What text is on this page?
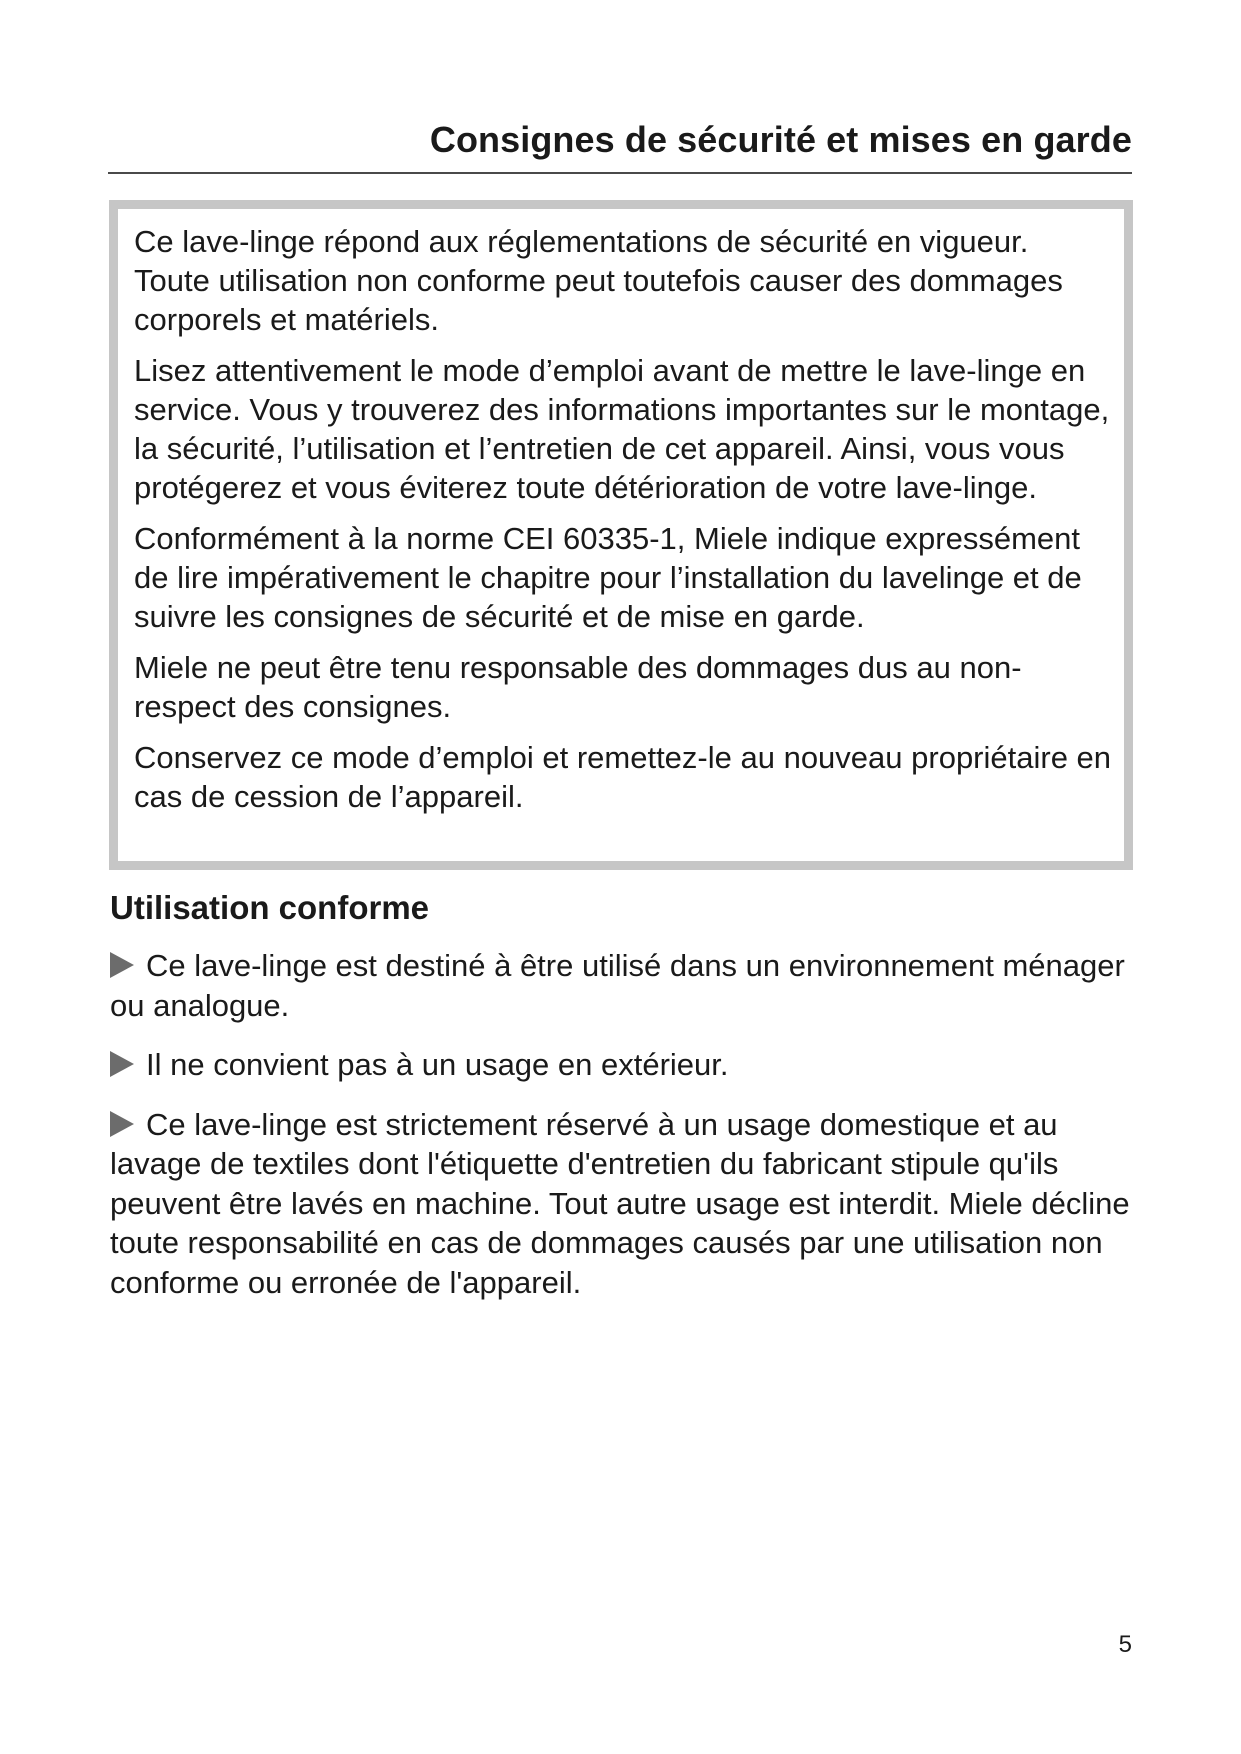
Consignes de sécurité et mises en garde

Ce lave-linge répond aux réglementations de sécurité en vigueur. Toute utilisation non conforme peut toutefois causer des dommages corporels et matériels.

Lisez attentivement le mode d’emploi avant de mettre le lave-linge en service. Vous y trouverez des informations importantes sur le montage, la sécurité, l’utilisation et l’entretien de cet appareil. Ainsi, vous vous protégerez et vous éviterez toute détérioration de votre lave-linge.

Conformément à la norme CEI 60335-1, Miele indique expressément de lire impérativement le chapitre pour l’installation du lavelinge et de suivre les consignes de sécurité et de mise en garde.

Miele ne peut être tenu responsable des dommages dus au nonrespect des consignes.

Conservez ce mode d’emploi et remettez-le au nouveau propriétaire en cas de cession de l’appareil.

Utilisation conforme
Ce lave-linge est destiné à être utilisé dans un environnement ménager ou analogue.
Il ne convient pas à un usage en extérieur.
Ce lave-linge est strictement réservé à un usage domestique et au lavage de textiles dont l'étiquette d'entretien du fabricant stipule qu'ils peuvent être lavés en machine. Tout autre usage est interdit. Miele décline toute responsabilité en cas de dommages causés par une utilisation non conforme ou erronée de l'appareil.
5
